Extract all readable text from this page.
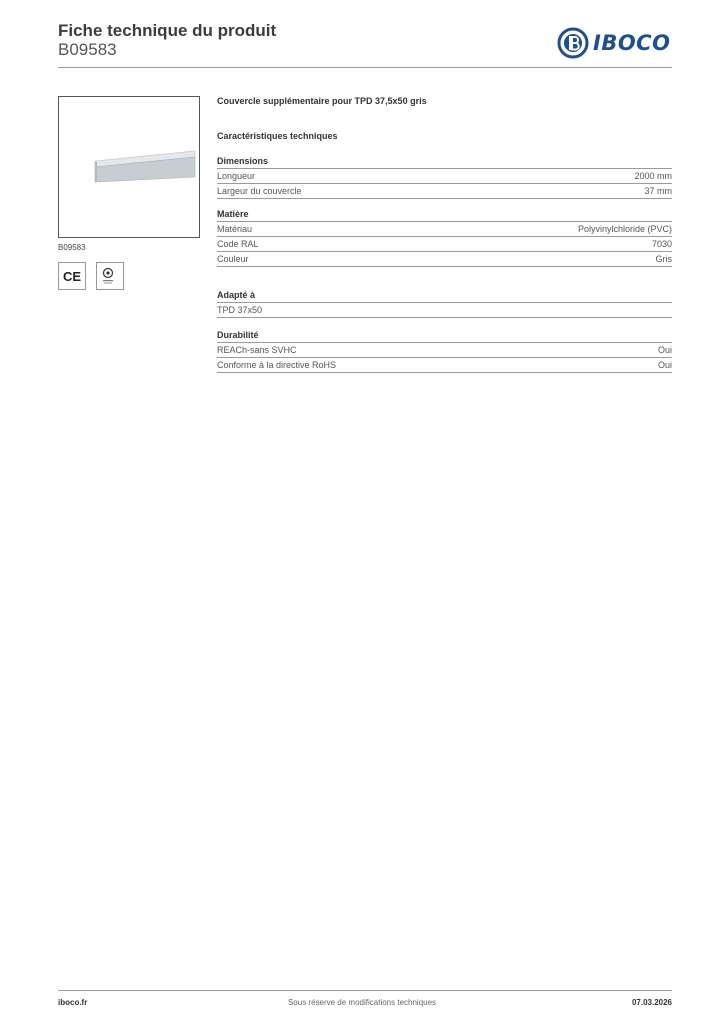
Fiche technique du produit
B09583	IBOCO
B09583
CE
Couvercle supplémentaire pour TPD 37,5x50 gris
Caractéristiques techniques
Dimensions
Longueur	2000 mm
Largeur du couvercle	37 mm
Matière
Matériau	Polyvinylchloride (PVC)
Code RAL	7030
Couleur	Gris
Adapté à
TPD 37x50
Durabilité
REACh-sans SVHC	Oui
Conforme à la directive RoHS	Oui
iboco.fr	Sous réserve de modifications techniques	07.03.2026
